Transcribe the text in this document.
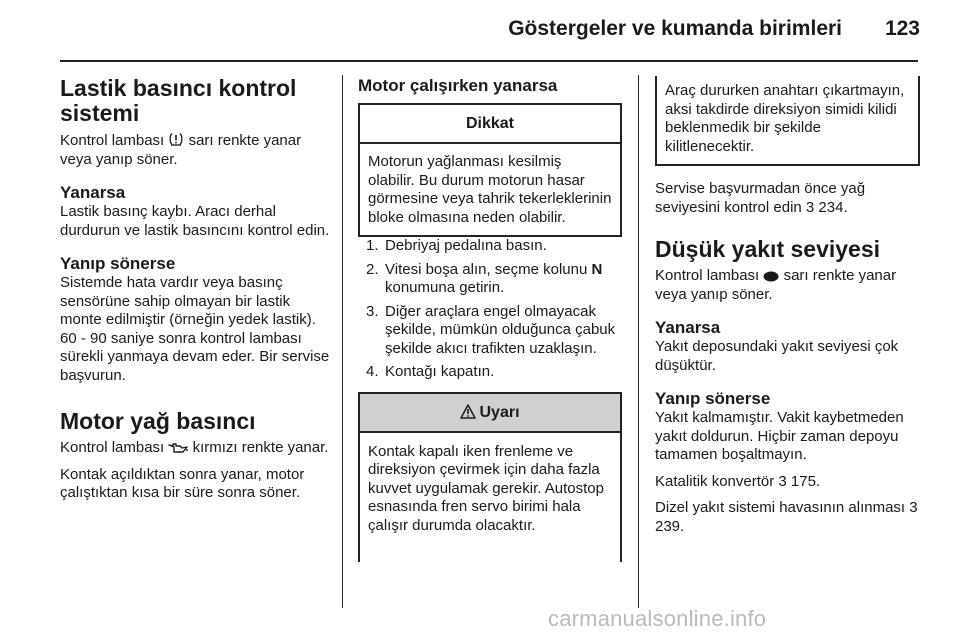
Göstergeler ve kumanda birimleri 123
Lastik basıncı kontrol sistemi

Kontrol lambası sarı renkte yanar veya yanıp söner.

Yanarsa

Lastik basınç kaybı. Aracı derhal durdurun ve lastik basıncını kontrol edin.

Yanıp sönerse

Sistemde hata vardır veya basınç sensörüne sahip olmayan bir lastik monte edilmiştir (örneğin yedek lastik). 60 - 90 saniye sonra kontrol lambası sürekli yanmaya devam eder. Bir servise başvurun.

Motor yağ basıncı

Kontrol lambası kırmızı renkte yanar.

Kontak açıldıktan sonra yanar, motor çalıştıktan kısa bir süre sonra söner.

Motor çalışırken yanarsa
Dikkat
Motorun yağlanması kesilmiş olabilir. Bu durum motorun hasar görmesine veya tahrik tekerleklerinin bloke olmasına neden olabilir.
1. Debriyaj pedalına basın.
2. Vitesi boşa alın, seçme kolunu N konumuna getirin.
3. Diğer araçlara engel olmayacak şekilde, mümkün olduğunca çabuk şekilde akıcı trafikten uzaklaşın.
4. Kontağı kapatın.
Uyarı
Kontak kapalı iken frenleme ve direksiyon çevirmek için daha fazla kuvvet uygulamak gerekir. Autostop esnasında fren servo birimi hala çalışır durumda olacaktır.
Araç dururken anahtarı çıkartmayın, aksi takdirde direksiyon simidi kilidi beklenmedik bir şekilde kilitlenecektir.

Servise başvurmadan önce yağ seviyesini kontrol edin 3 234.

Düşük yakıt seviyesi

Kontrol lambası sarı renkte yanar veya yanıp söner.

Yanarsa

Yakıt deposundaki yakıt seviyesi çok düşüktür.

Yanıp sönerse

Yakıt kalmamıştır. Vakit kaybetmeden yakıt doldurun. Hiçbir zaman depoyu tamamen boşaltmayın.

Katalitik konvertör 3 175.

Dizel yakıt sistemi havasının alınması 3 239.

carmanualsonline.info
